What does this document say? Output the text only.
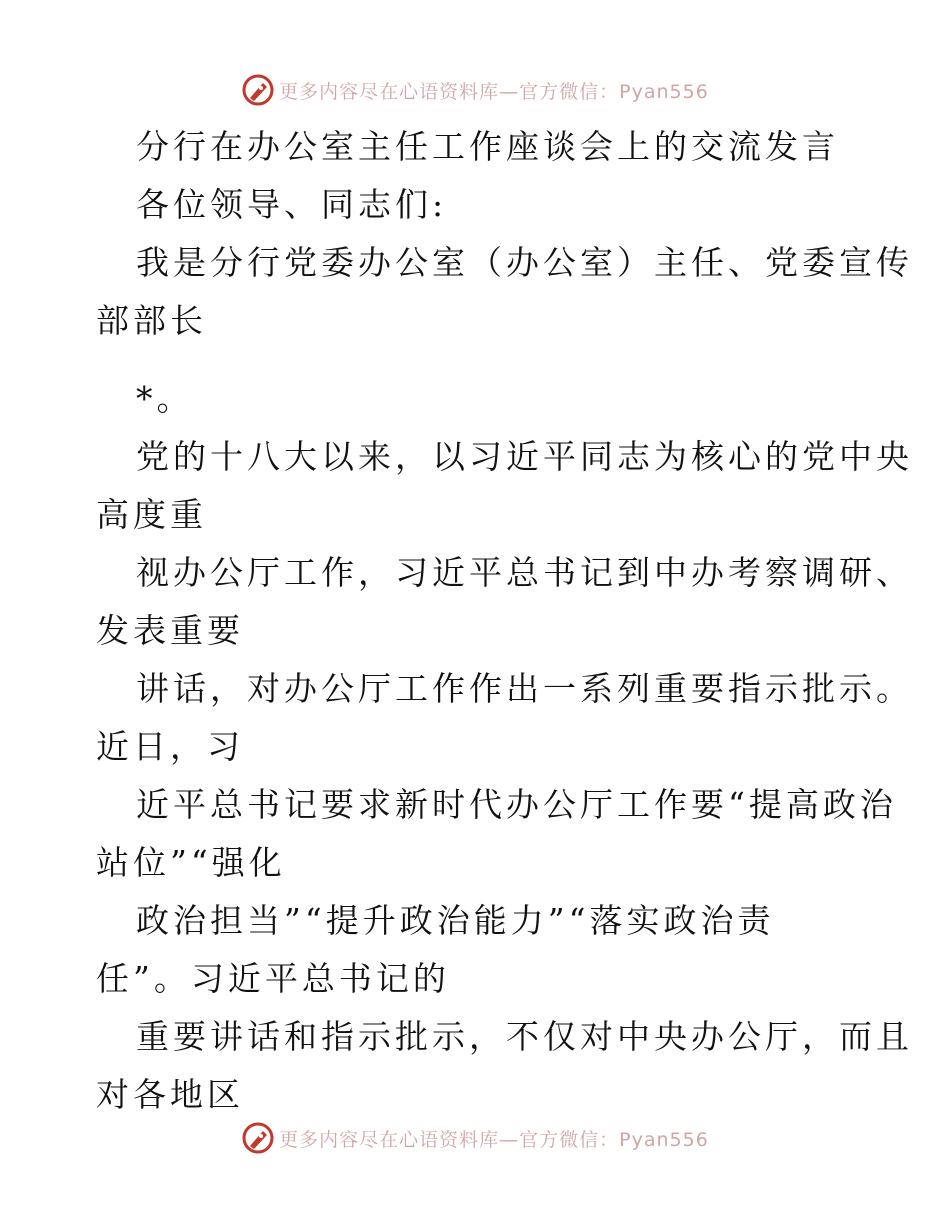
更多内容尽在心语资料库—官方微信：Pyan556
分行在办公室主任工作座谈会上的交流发言
各位领导、同志们:
我是分行党委办公室（办公室）主任、党委宣传
部部长
*。
党的十八大以来，以习近平同志为核心的党中央
高度重
视办公厅工作，习近平总书记到中办考察调研、
发表重要
讲话，对办公厅工作作出一系列重要指示批示。
近日，习
近平总书记要求新时代办公厅工作要“提高政治
站位”“强化
政治担当”“提升政治能力”“落实政治责
任”。习近平总书记的
重要讲话和指示批示，不仅对中央办公厅，而且
对各地区
更多内容尽在心语资料库—官方微信：Pyan556
